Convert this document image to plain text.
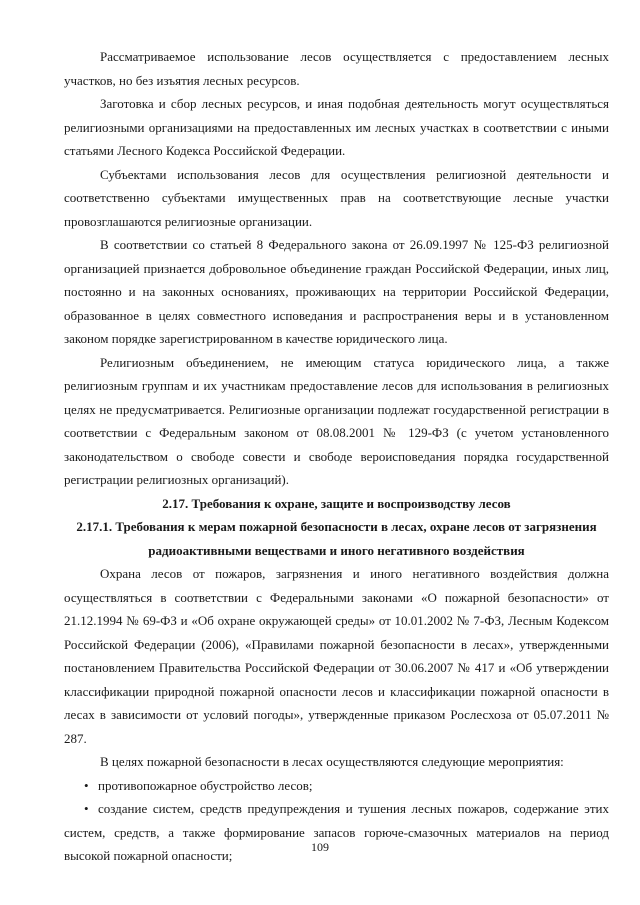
Рассматриваемое использование лесов осуществляется с предоставлением лесных участков, но без изъятия лесных ресурсов.

Заготовка и сбор лесных ресурсов, и иная подобная деятельность могут осуществляться религиозными организациями на предоставленных им лесных участках в соответствии с иными статьями Лесного Кодекса Российской Федерации.

Субъектами использования лесов для осуществления религиозной деятельности и соответственно субъектами имущественных прав на соответствующие лесные участки провозглашаются религиозные организации.

В соответствии со статьей 8 Федерального закона от 26.09.1997 № 125-ФЗ религиозной организацией признается добровольное объединение граждан Российской Федерации, иных лиц, постоянно и на законных основаниях, проживающих на территории Российской Федерации, образованное в целях совместного исповедания и распространения веры и в установленном законом порядке зарегистрированном в качестве юридического лица.

Религиозным объединением, не имеющим статуса юридического лица, а также религиозным группам и их участникам предоставление лесов для использования в религиозных целях не предусматривается. Религиозные организации подлежат государственной регистрации в соответствии с Федеральным законом от 08.08.2001 № 129-ФЗ (с учетом установленного законодательством о свободе совести и свободе вероисповедания порядка государственной регистрации религиозных организаций).

2.17. Требования к охране, защите и воспроизводству лесов

2.17.1. Требования к мерам пожарной безопасности в лесах, охране лесов от загрязнения

радиоактивными веществами и иного негативного воздействия

Охрана лесов от пожаров, загрязнения и иного негативного воздействия должна осуществляться в соответствии с Федеральными законами «О пожарной безопасности» от 21.12.1994 № 69-ФЗ и «Об охране окружающей среды» от 10.01.2002 № 7-ФЗ, Лесным Кодексом Российской Федерации (2006), «Правилами пожарной безопасности в лесах», утвержденными постановлением Правительства Российской Федерации от 30.06.2007 № 417 и «Об утверждении классификации природной пожарной опасности лесов и классификации пожарной опасности в лесах в зависимости от условий погоды», утвержденные приказом Рослесхоза от 05.07.2011 № 287.

В целях пожарной безопасности в лесах осуществляются следующие мероприятия:

• противопожарное обустройство лесов;

• создание систем, средств предупреждения и тушения лесных пожаров, содержание этих систем, средств, а также формирование запасов горюче-смазочных материалов на период высокой пожарной опасности;

109
